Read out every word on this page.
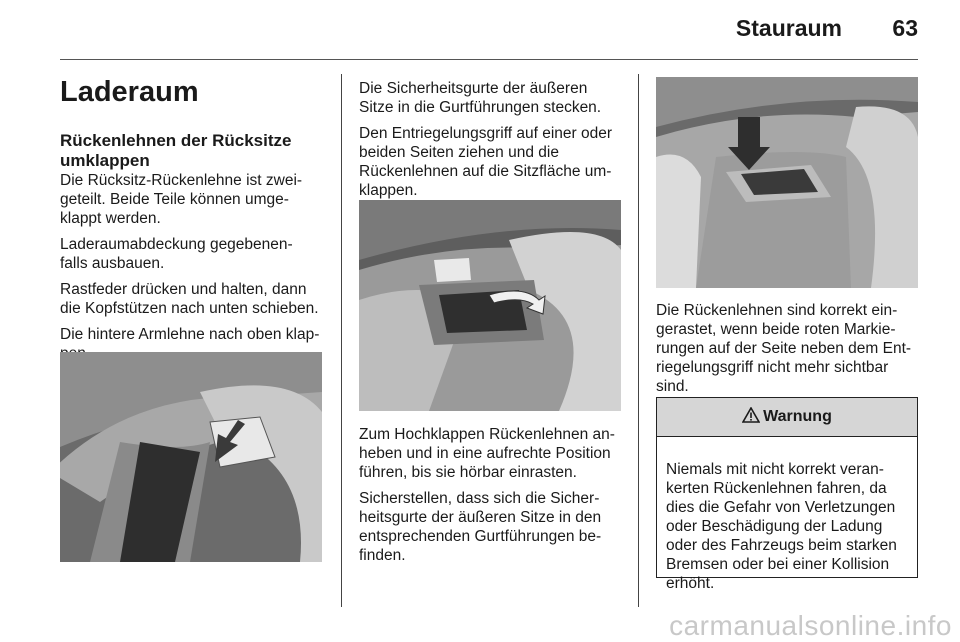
Stauraum 63
Laderaum
Rückenlehnen der Rücksitze
umklappen

Die Rücksitz-Rückenlehne ist zwei-
geteilt. Beide Teile können umge-
klappt werden.

Laderaumabdeckung gegebenen-
falls ausbauen.

Rastfeder drücken und halten, dann
die Kopfstützen nach unten schieben.

Die hintere Armlehne nach oben klap-

Die Sicherheitsgurte der äußeren
Sitze in die Gurtführungen stecken.

Den Entriegelungsgriff auf einer oder
beiden Seiten ziehen und die
Rückenlehnen auf die Sitzfläche um-
klappen.

Zum Hochklappen Rückenlehnen an-
heben und in eine aufrechte Position
führen, bis sie hörbar einrasten.

Sicherstellen, dass sich die Sicher-
heitsgurte der äußeren Sitze in den
entsprechenden Gurtführungen be-
finden.

Die Rückenlehnen sind korrekt ein-
gerastet, wenn beide roten Markie-
rungen auf der Seite neben dem Ent-
riegelungsgriff nicht mehr sichtbar
sind.

Warnung
Niemals mit nicht korrekt veran-
kerten Rückenlehnen fahren, da
dies die Gefahr von Verletzungen
oder Beschädigung der Ladung
oder des Fahrzeugs beim starken
Bremsen oder bei einer Kollision
erhöht.
carmanualsonline.info
